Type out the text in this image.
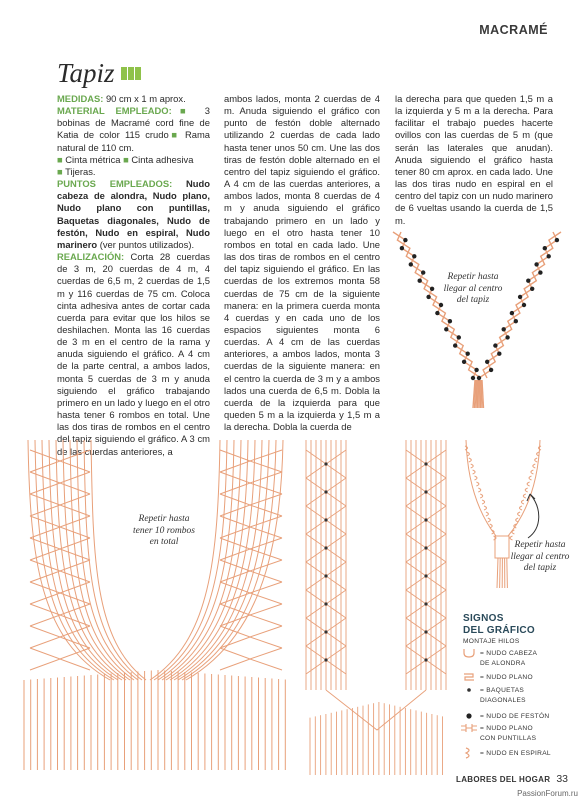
MACRAMÉ
Tapiz
MEDIDAS: 90 cm x 1 m aprox.
MATERIAL EMPLEADO:■ 3 bobinas de Macramé cord fine de Katia de color 115 crudo■ Rama natural de 110 cm.
■ Cinta métrica ■ Cinta adhesiva
■ Tijeras.
PUNTOS EMPLEADOS: Nudo cabeza de alondra, Nudo plano, Nudo plano con puntillas, Baquetas diagonales, Nudo de festón, Nudo en espiral, Nudo marinero (ver puntos utilizados).
REALIZACIÓN: Corta 28 cuerdas de 3 m, 20 cuerdas de 4 m, 4 cuerdas de 6,5 m, 2 cuerdas de 1,5 m y 116 cuerdas de 75 cm. Coloca cinta adhesiva antes de cortar cada cuerda para evitar que los hilos se deshilachen. Monta las 16 cuerdas de 3 m en el centro de la rama y anuda siguiendo el gráfico. A 4 cm de la parte central, a ambos lados, monta 5 cuerdas de 3 m y anuda siguiendo el gráfico trabajando primero en un lado y luego en el otro hasta tener 6 rombos en total. Une las dos tiras de rombos en el centro del tapiz siguiendo el gráfico. A 3 cm de las cuerdas anteriores, a
ambos lados, monta 2 cuerdas de 4 m. Anuda siguiendo el gráfico con punto de festón doble alternado utilizando 2 cuerdas de cada lado hasta tener unos 50 cm. Une las dos tiras de festón doble alternado en el centro del tapiz siguiendo el gráfico. A 4 cm de las cuerdas anteriores, a ambos lados, monta 8 cuerdas de 4 m y anuda siguiendo el gráfico trabajando primero en un lado y luego en el otro hasta tener 10 rombos en total en cada lado. Une las dos tiras de rombos en el centro del tapiz siguiendo el gráfico. En las cuerdas de los extremos monta 58 cuerdas de 75 cm de la siguiente manera: en la primera cuerda monta 4 cuerdas y en cada uno de los espacios siguientes monta 6 cuerdas. A 4 cm de las cuerdas anteriores, a ambos lados, monta 3 cuerdas de la siguiente manera: en el centro la cuerda de 3 m y a ambos lados una cuerda de 6,5 m. Dobla la cuerda de la izquierda para que queden 5 m a la izquierda y 1,5 m a la derecha. Dobla la cuerda de
la derecha para que queden 1,5 m a la izquierda y 5 m a la derecha. Para facilitar el trabajo puedes hacerte ovillos con las cuerdas de 5 m (que serán las laterales que anudan). Anuda siguiendo el gráfico hasta tener 80 cm aprox. en cada lado. Une las dos tiras nudo en espiral en el centro del tapiz con un nudo marinero de 6 vueltas usando la cuerda de 1,5 m.
Repetir hasta llegar al centro del tapiz
Repetir hasta tener 10 rombos en total	Repetir hasta llegar al centro del tapiz
SIGNOS
DEL GRÁFICO
MONTAJE HILOS
= NUDO CABEZA
DE ALONDRA
= NUDO PLANO
= BAQUETAS
DIAGONALES
= NUDO DE FESTÓN
= NUDO PLANO
CON PUNTILLAS
= NUDO EN ESPIRAL
LABORES DEL HOGAR 33
PassionForum.ru
